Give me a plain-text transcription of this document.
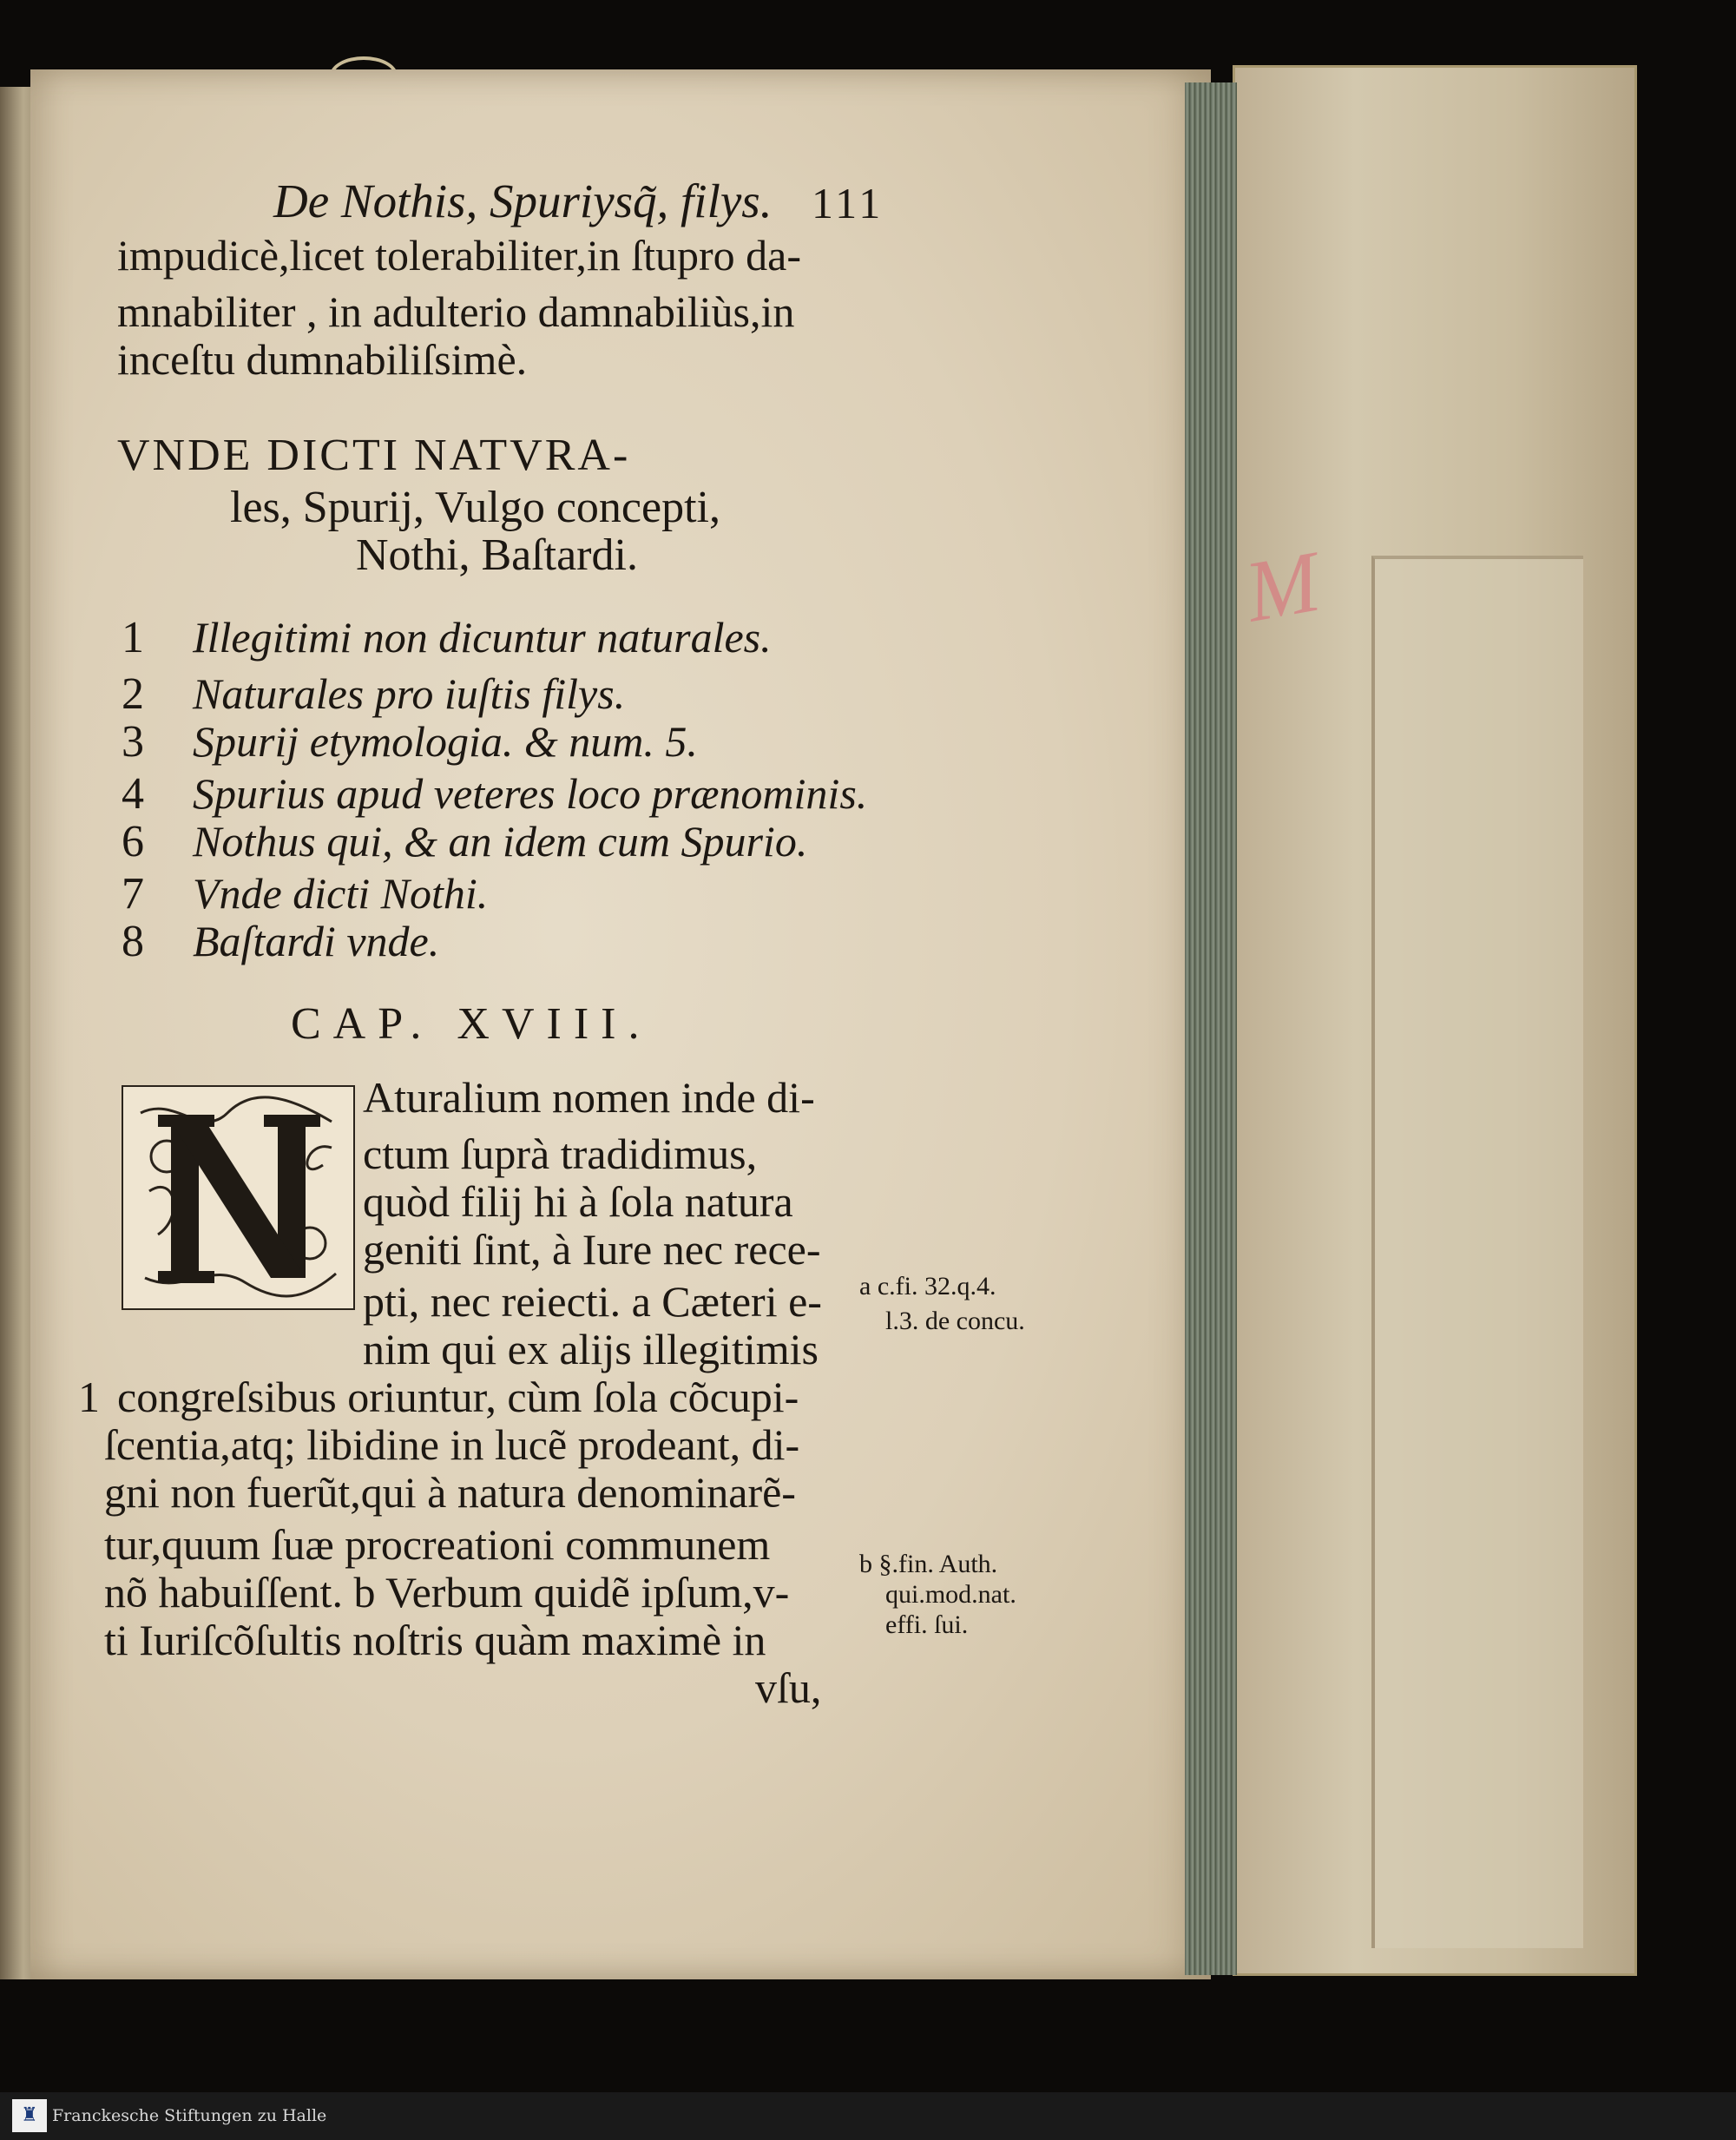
M
De Nothis, Spuriysq̃, filys. 111
impudicè,licet tolerabiliter,in ſtupro da-
mnabiliter , in adulterio damnabiliùs,in
inceſtu dumnabiliſsimè.
VNDE DICTI NATVRA-
les, Spurij, Vulgo concepti,
Nothi, Baſtardi.
1 Illegitimi non dicuntur naturales.
2 Naturales pro iuſtis filys.
3 Spurij etymologia. & num. 5.
4 Spurius apud veteres loco prænominis.
6 Nothus qui, & an idem cum Spurio.
7 Vnde dicti Nothi.
8 Baſtardi vnde.
CAP. XVIII.
Aturalium nomen inde di-
ctum ſuprà tradidimus,
quòd filij hi à ſola natura
geniti ſint, à Iure nec rece-
pti, nec reiecti. a Cæteri e-
nim qui ex alijs illegitimis
1 congreſsibus oriuntur, cùm ſola cõcupi-
ſcentia,atq; libidine in lucẽ prodeant, di-
gni non fuerũt,qui à natura denominarẽ-
tur,quum ſuæ procreationi communem
nõ habuiſſent. b Verbum quidẽ ipſum,v-
ti Iuriſcõſultis noſtris quàm maximè in
vſu,
a c.fi. 32.q.4.
l.3. de concu.
b §.fin. Auth.
qui.mod.nat.
effi. ſui.
♜ Franckesche Stiftungen zu Halle
